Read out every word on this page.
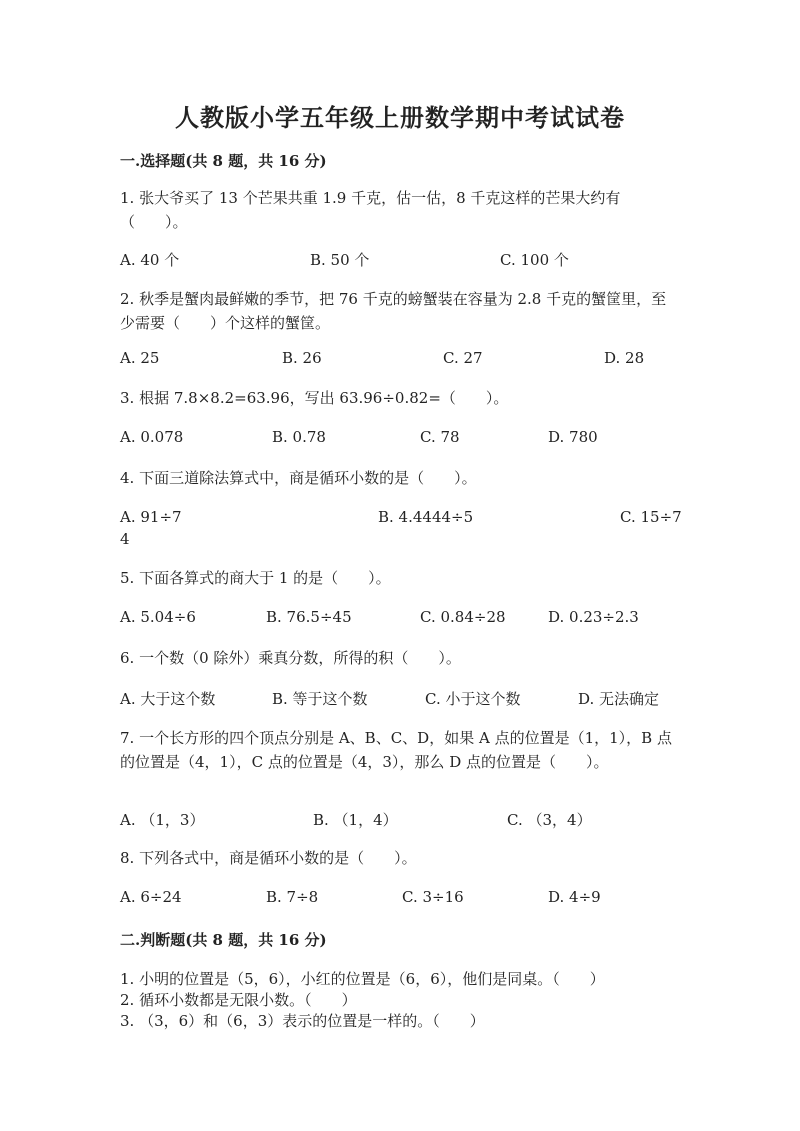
人教版小学五年级上册数学期中考试试卷
一.选择题(共 8 题，共 16 分)
1. 张大爷买了 13 个芒果共重 1.9 千克，估一估，8 千克这样的芒果大约有（　　）。
A. 40 个	B. 50 个	C. 100 个
2. 秋季是蟹肉最鲜嫩的季节，把 76 千克的螃蟹装在容量为 2.8 千克的蟹筐里，至少需要（　　）个这样的蟹筐。
A. 25	B. 26	C. 27	D. 28
3. 根据 7.8×8.2=63.96，写出 63.96÷0.82=（　　）。
A. 0.078	B. 0.78	C. 78	D. 780
4. 下面三道除法算式中，商是循环小数的是（　　）。
A. 91÷7	B. 4.4444÷5	C. 15÷7
4
5. 下面各算式的商大于 1 的是（　　）。
A. 5.04÷6	B. 76.5÷45	C. 0.84÷28	D. 0.23÷2.3
6. 一个数（0 除外）乘真分数，所得的积（　　）。
A. 大于这个数	B. 等于这个数	C. 小于这个数	D. 无法确定
7. 一个长方形的四个顶点分别是 A、B、C、D，如果 A 点的位置是（1，1），B 点的位置是（4，1），C 点的位置是（4，3），那么 D 点的位置是（　　）。
A. （1，3）	B. （1，4）	C. （3，4）
8. 下列各式中，商是循环小数的是（　　）。
A. 6÷24	B. 7÷8	C. 3÷16	D. 4÷9
二.判断题(共 8 题，共 16 分)
1. 小明的位置是（5，6），小红的位置是（6，6），他们是同桌。（　　）
2. 循环小数都是无限小数。（　　）
3. （3，6）和（6，3）表示的位置是一样的。（　　）
